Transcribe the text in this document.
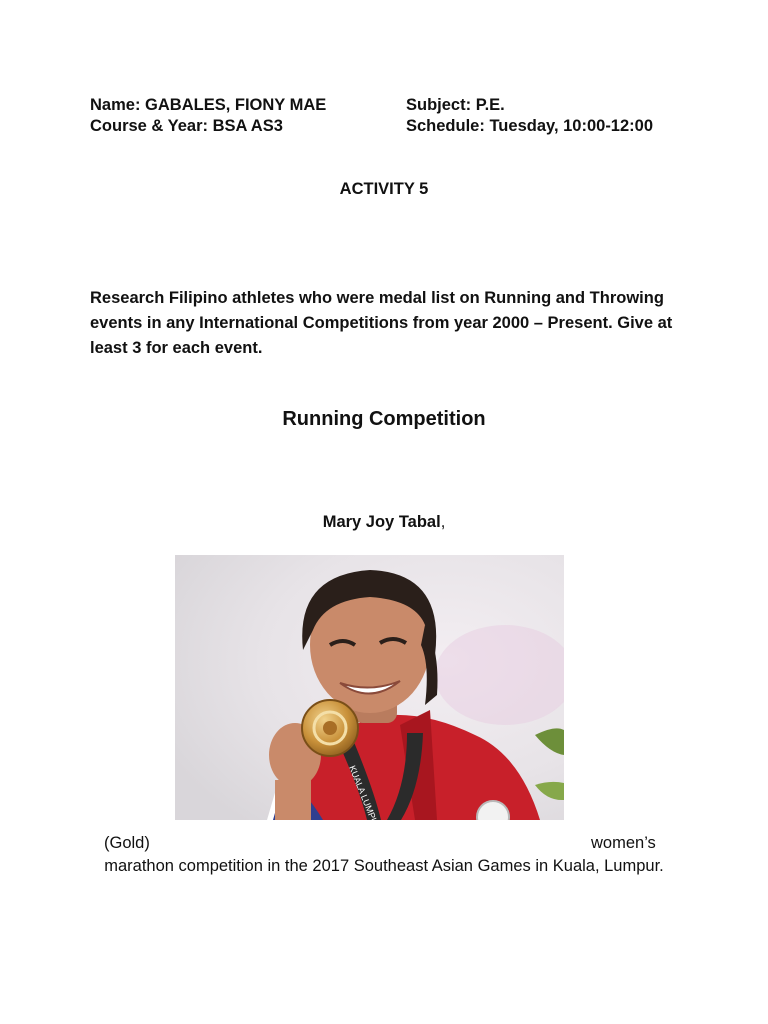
Name: GABALES, FIONY MAE
Course & Year: BSA AS3
Subject: P.E.
Schedule: Tuesday, 10:00-12:00
ACTIVITY 5
Research Filipino athletes who were medal list on Running and Throwing events in any International Competitions from year 2000 – Present. Give at least 3 for each event.
Running Competition
Mary Joy Tabal,
KUALA LUMPUR
(Gold)	women’s
marathon competition in the 2017 Southeast Asian Games in Kuala, Lumpur.
